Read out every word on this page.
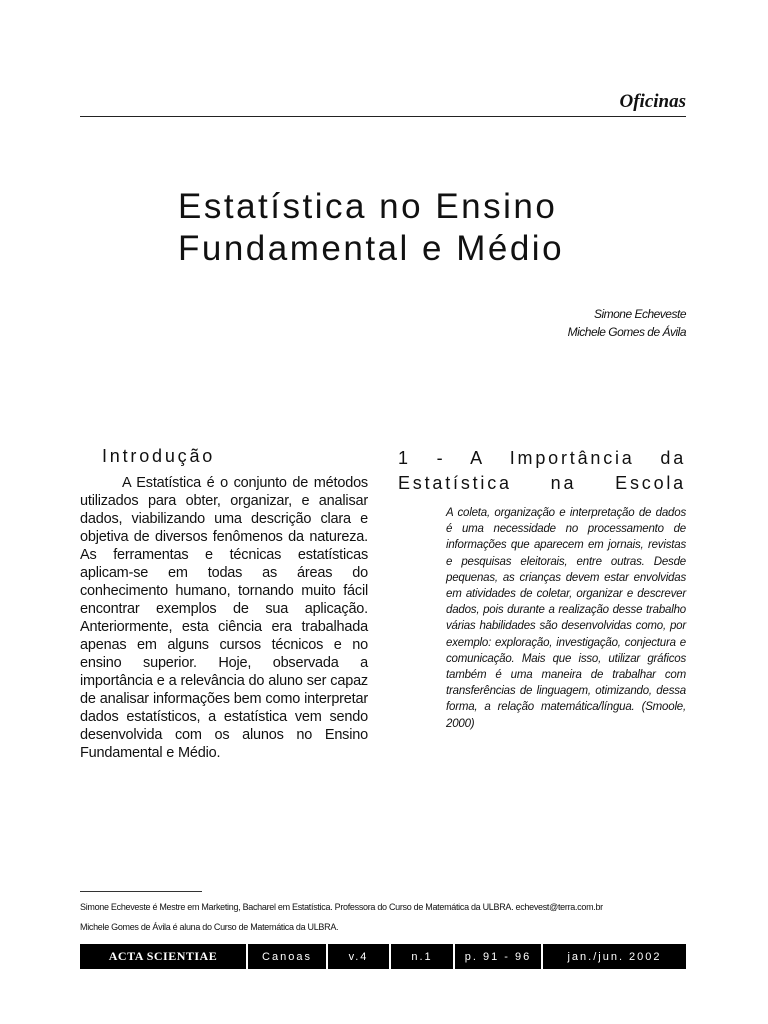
Oficinas
Estatística no Ensino
Fundamental e Médio
Simone Echeveste
Michele Gomes de Ávila
Introdução

A Estatística é o conjunto de métodos utilizados para obter, organizar, e analisar dados, viabilizando uma descrição clara e objetiva de diversos fenômenos da natureza. As ferramentas e técnicas estatísticas aplicam-se em todas as áreas do conhecimento humano, tornando muito fácil encontrar exemplos de sua aplicação. Anteriormente, esta ciência era trabalhada apenas em alguns cursos técnicos e no ensino superior. Hoje, observada a importância e a relevância do aluno ser capaz de analisar informações bem como interpretar dados estatísticos, a estatística vem sendo desenvolvida com os alunos no Ensino Fundamental e Médio.

1 - A Importância da
Estatística na Escola

A coleta, organização e interpretação de dados é uma necessidade no processamento de informações que aparecem em jornais, revistas e pesquisas eleitorais, entre outras. Desde pequenas, as crianças devem estar envolvidas em atividades de coletar, organizar e descrever dados, pois durante a realização desse trabalho várias habilidades são desenvolvidas como, por exemplo: exploração, investigação, conjectura e comunicação. Mais que isso, utilizar gráficos também é uma maneira de trabalhar com transferências de linguagem, otimizando, dessa forma, a relação matemática/língua. (Smoole, 2000)

Simone Echeveste é Mestre em Marketing, Bacharel em Estatística. Professora do Curso de Matemática da ULBRA. echevest@terra.com.br
Michele Gomes de Ávila é aluna do Curso de Matemática da ULBRA.
ACTA SCIENTIAE	Canoas	v.4	n.1	p. 91 - 96	jan./jun. 2002
